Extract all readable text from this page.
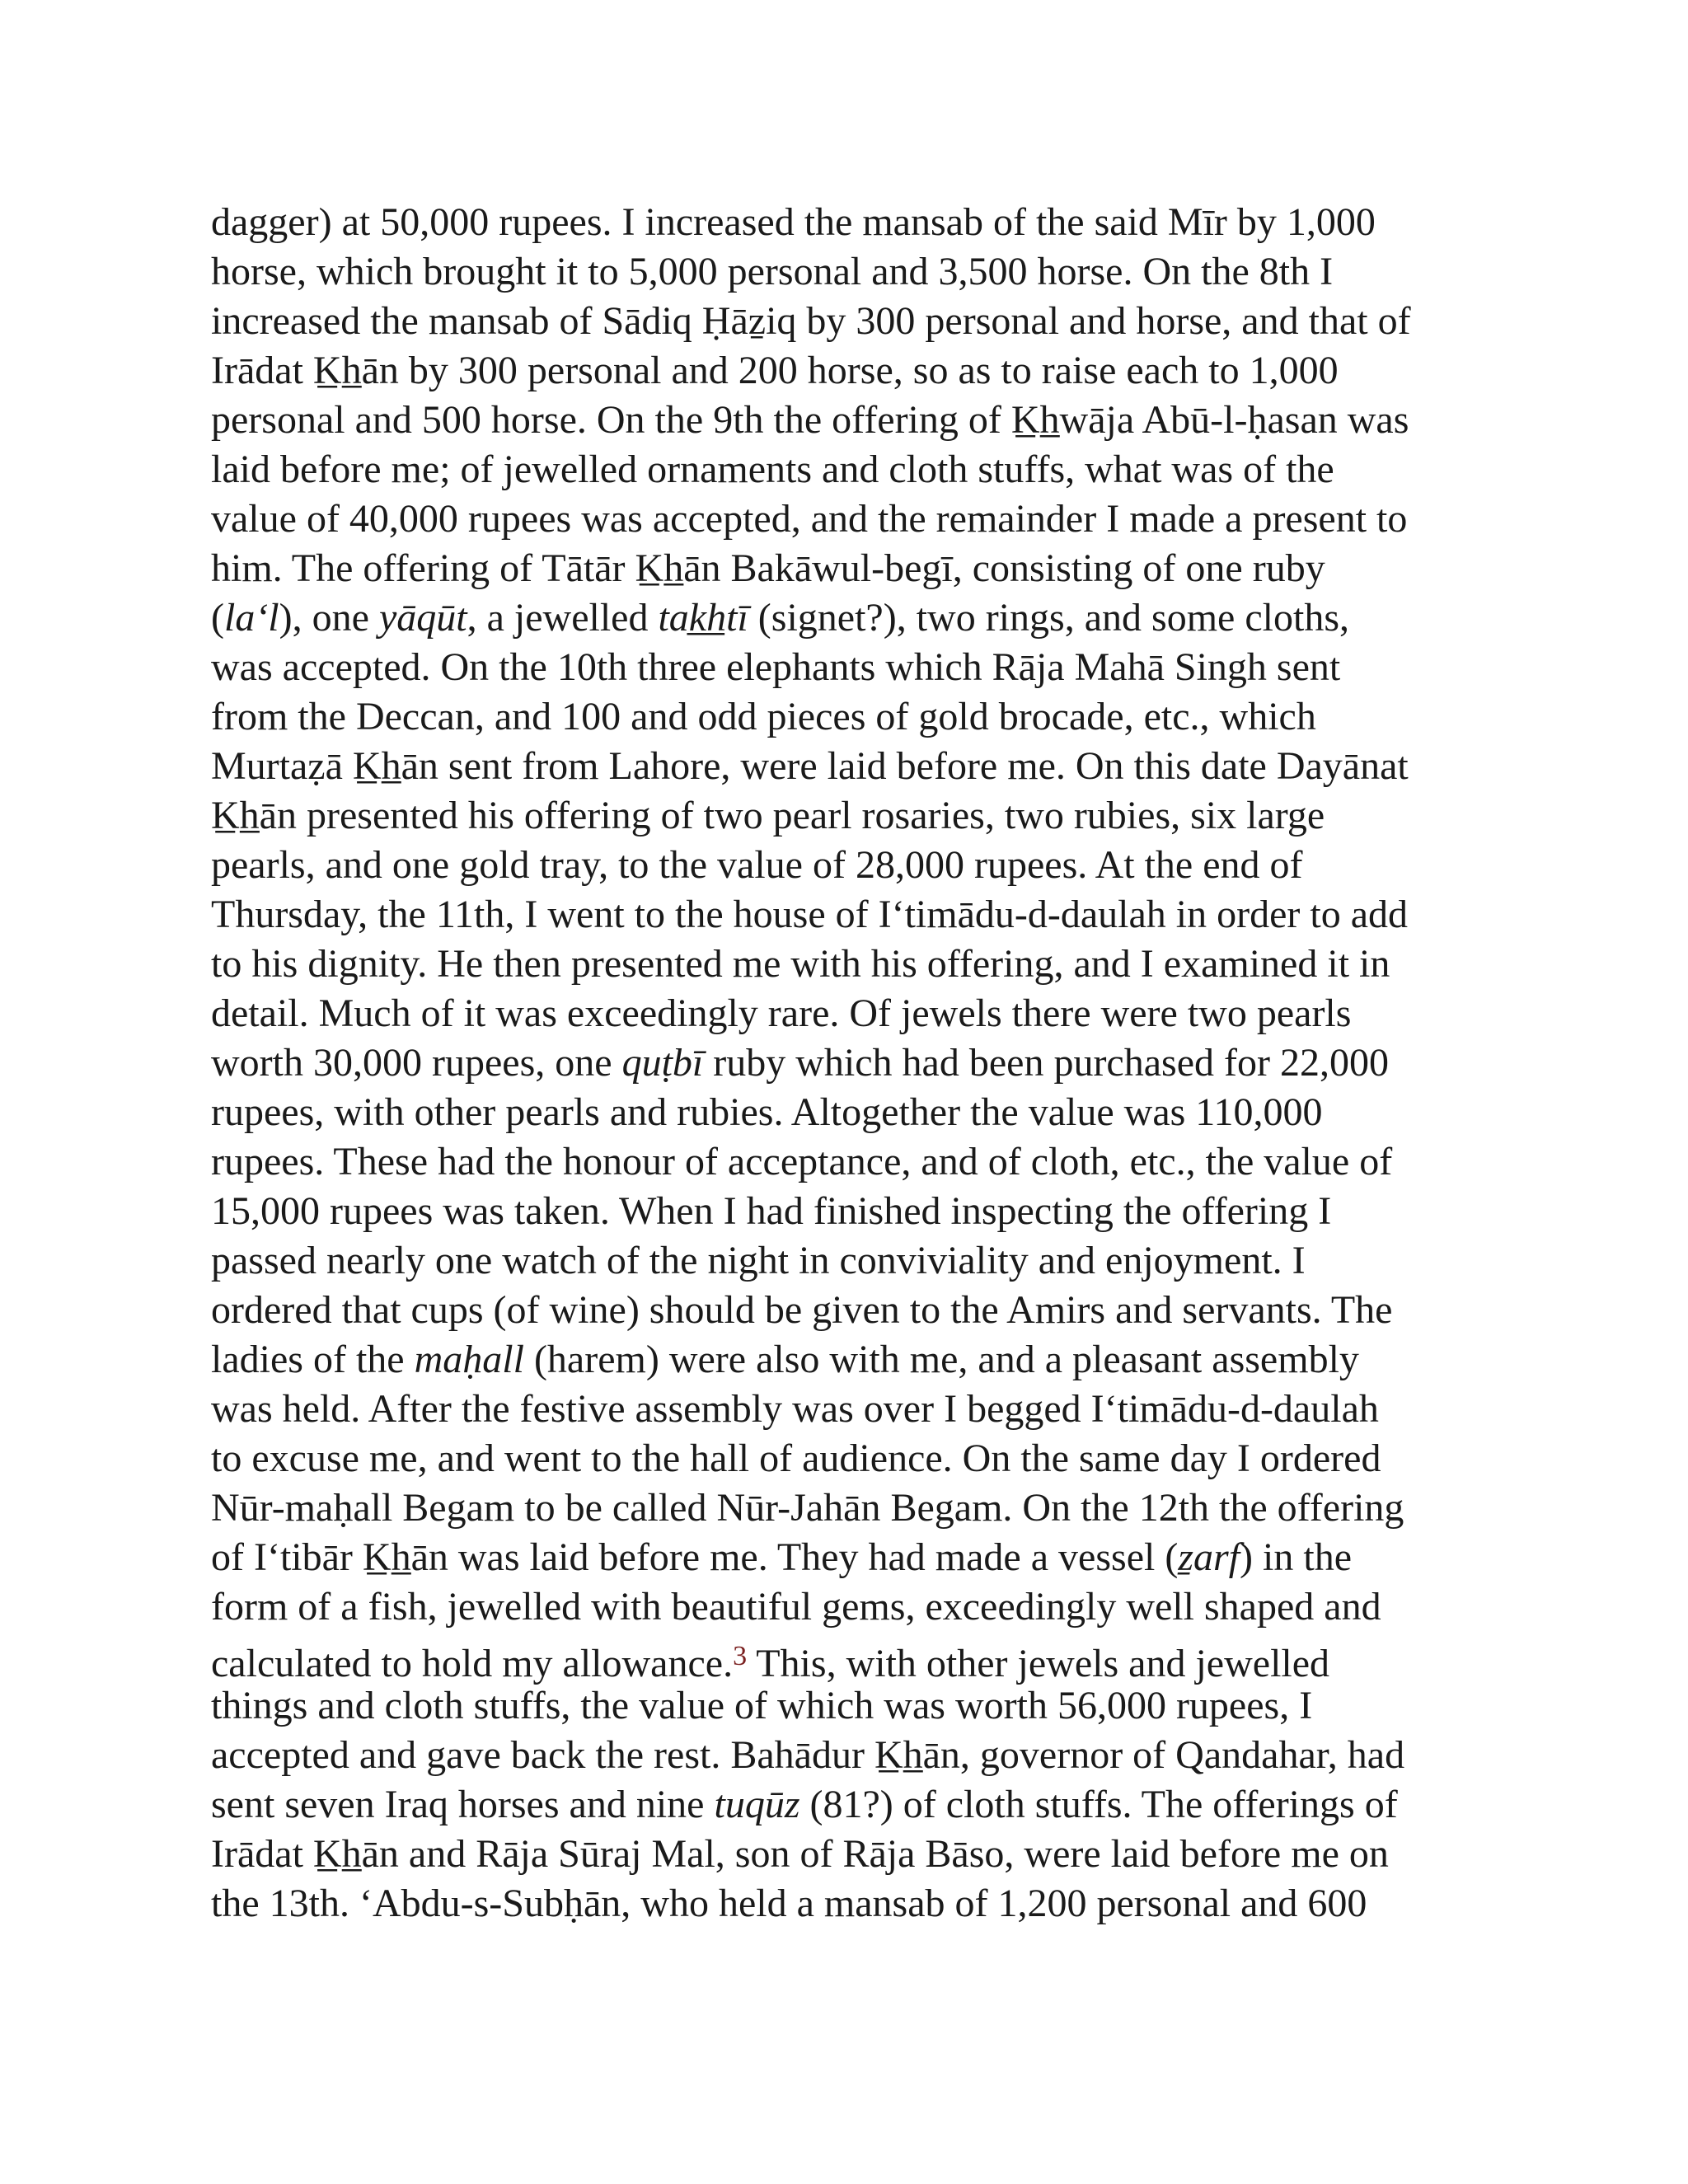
dagger) at 50,000 rupees. I increased the mansab of the said Mīr by 1,000
horse, which brought it to 5,000 personal and 3,500 horse. On the 8th I
increased the mansab of Sādiq Ḥāẕiq by 300 personal and horse, and that of
Irādat K̲h̲ān by 300 personal and 200 horse, so as to raise each to 1,000
personal and 500 horse. On the 9th the offering of K̲h̲wāja Abū-l-ḥasan was
laid before me; of jewelled ornaments and cloth stuffs, what was of the
value of 40,000 rupees was accepted, and the remainder I made a present to
him. The offering of Tātār K̲h̲ān Bakāwul-begī, consisting of one ruby
(la‘l), one yāqūt, a jewelled tak̲h̲tī (signet?), two rings, and some cloths,
was accepted. On the 10th three elephants which Rāja Mahā Singh sent
from the Deccan, and 100 and odd pieces of gold brocade, etc., which
Murtaẓā K̲h̲ān sent from Lahore, were laid before me. On this date Dayānat
K̲h̲ān presented his offering of two pearl rosaries, two rubies, six large
pearls, and one gold tray, to the value of 28,000 rupees. At the end of
Thursday, the 11th, I went to the house of I‘timādu-d-daulah in order to add
to his dignity. He then presented me with his offering, and I examined it in
detail. Much of it was exceedingly rare. Of jewels there were two pearls
worth 30,000 rupees, one quṭbī ruby which had been purchased for 22,000
rupees, with other pearls and rubies. Altogether the value was 110,000
rupees. These had the honour of acceptance, and of cloth, etc., the value of
15,000 rupees was taken. When I had finished inspecting the offering I
passed nearly one watch of the night in conviviality and enjoyment. I
ordered that cups (of wine) should be given to the Amirs and servants. The
ladies of the maḥall (harem) were also with me, and a pleasant assembly
was held. After the festive assembly was over I begged I‘timādu-d-daulah
to excuse me, and went to the hall of audience. On the same day I ordered
Nūr-maḥall Begam to be called Nūr-Jahān Begam. On the 12th the offering
of I‘tibār K̲h̲ān was laid before me. They had made a vessel (ẕarf) in the
form of a fish, jewelled with beautiful gems, exceedingly well shaped and
calculated to hold my allowance.$^3$ This, with other jewels and jewelled
things and cloth stuffs, the value of which was worth 56,000 rupees, I
accepted and gave back the rest. Bahādur K̲h̲ān, governor of Qandahar, had
sent seven Iraq horses and nine tuqūz (81?) of cloth stuffs. The offerings of
Irādat K̲h̲ān and Rāja Sūraj Mal, son of Rāja Bāso, were laid before me on
the 13th. ‘Abdu-s-Subḥān, who held a mansab of 1,200 personal and 600
